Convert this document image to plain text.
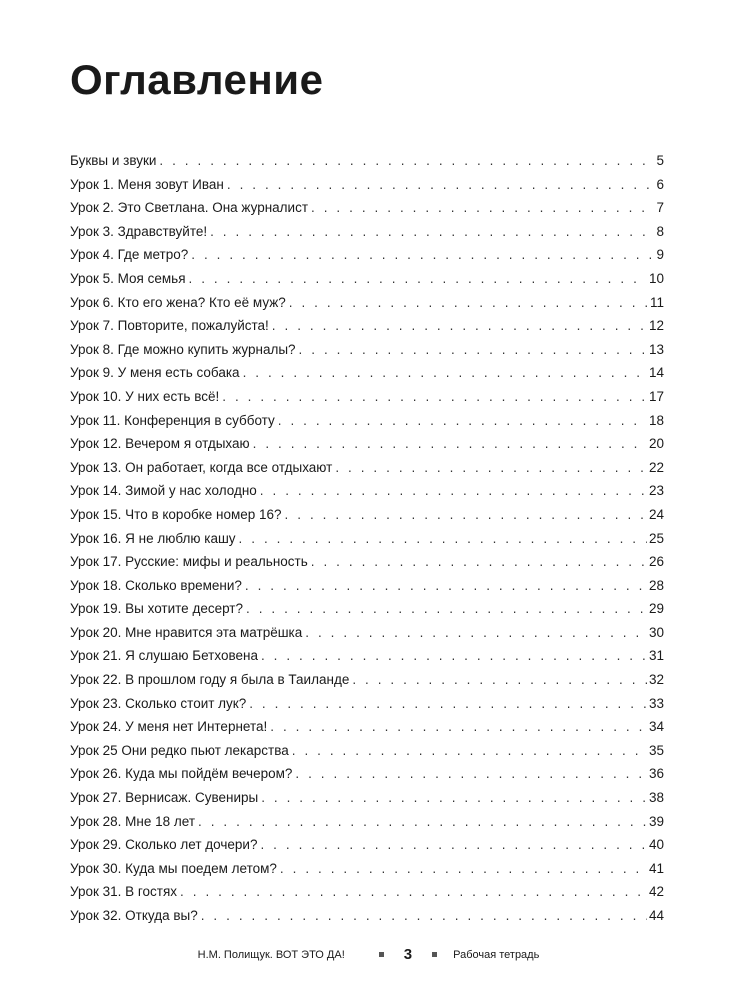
Оглавление
Буквы и звуки . . .	5
Урок 1. Меня зовут Иван . . .	6
Урок 2. Это Светлана. Она журналист . . .	7
Урок 3. Здравствуйте! . . .	8
Урок 4. Где метро? . . .	9
Урок 5. Моя семья . . .	10
Урок 6. Кто его жена? Кто её муж? . . .	11
Урок 7. Повторите, пожалуйста! . . .	12
Урок 8. Где можно купить журналы? . . .	13
Урок 9. У меня есть собака . . .	14
Урок 10. У них есть всё! . . .	17
Урок 11. Конференция в субботу . . .	18
Урок 12. Вечером я отдыхаю . . .	20
Урок 13. Он работает, когда все отдыхают . . .	22
Урок 14. Зимой у нас холодно . . .	23
Урок 15. Что в коробке номер 16? . . .	24
Урок 16. Я не люблю кашу . . .	25
Урок 17. Русские: мифы и реальность . . .	26
Урок 18. Сколько времени? . . .	28
Урок 19. Вы хотите десерт? . . .	29
Урок 20. Мне нравится эта матрёшка . . .	30
Урок 21. Я слушаю Бетховена . . .	31
Урок 22. В прошлом году я была в Таиланде . . .	32
Урок 23. Сколько стоит лук? . . .	33
Урок 24. У меня нет Интернета! . . .	34
Урок 25 Они редко пьют лекарства . . .	35
Урок 26. Куда мы пойдём вечером? . . .	36
Урок 27. Вернисаж. Сувениры . . .	38
Урок 28. Мне 18 лет . . .	39
Урок 29. Сколько лет дочери? . . .	40
Урок 30. Куда мы поедем летом? . . .	41
Урок 31. В гостях . . .	42
Урок 32. Откуда вы? . . .	44
Н.М. Полищук. ВОТ ЭТО ДА!	3	Рабочая тетрадь
